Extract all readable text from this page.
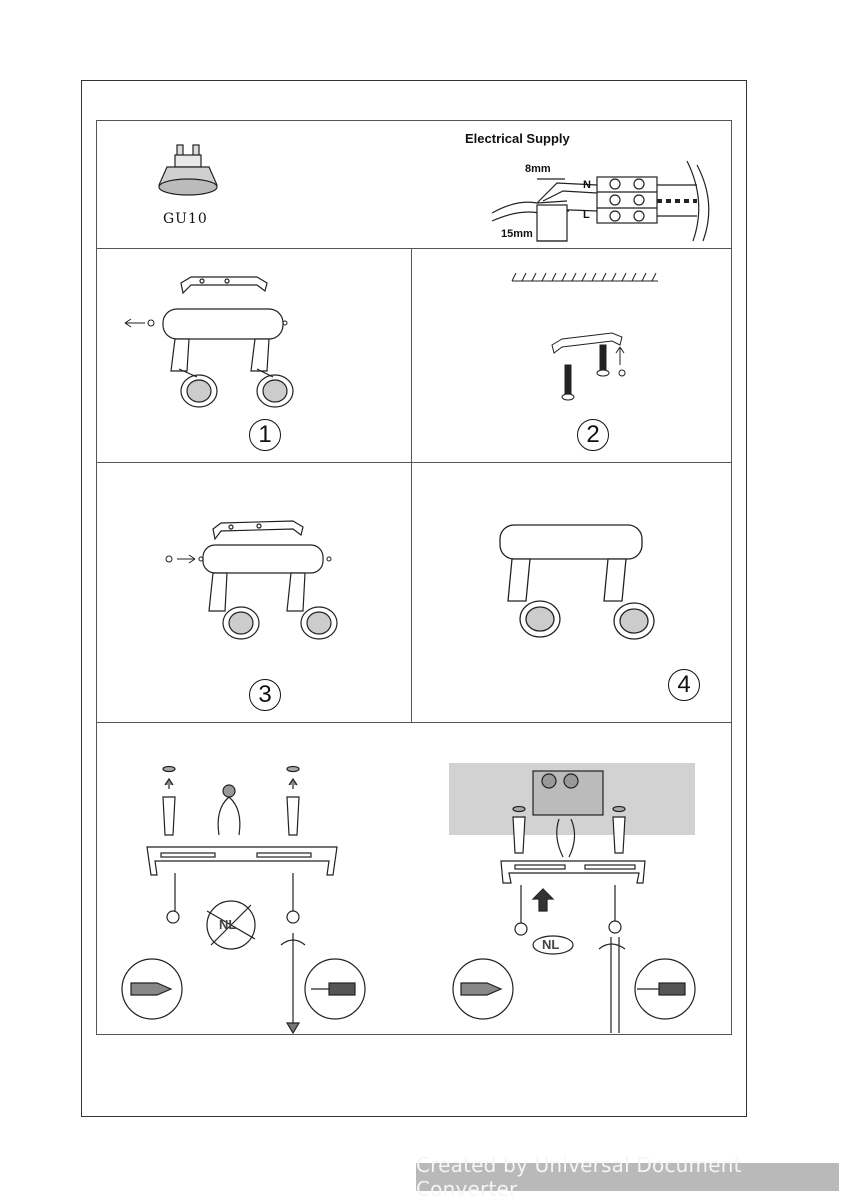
Electrical Supply
GU10
8mm
15mm
N
L
1	2
3	4
NL
NL
Created by Universal Document Converter
